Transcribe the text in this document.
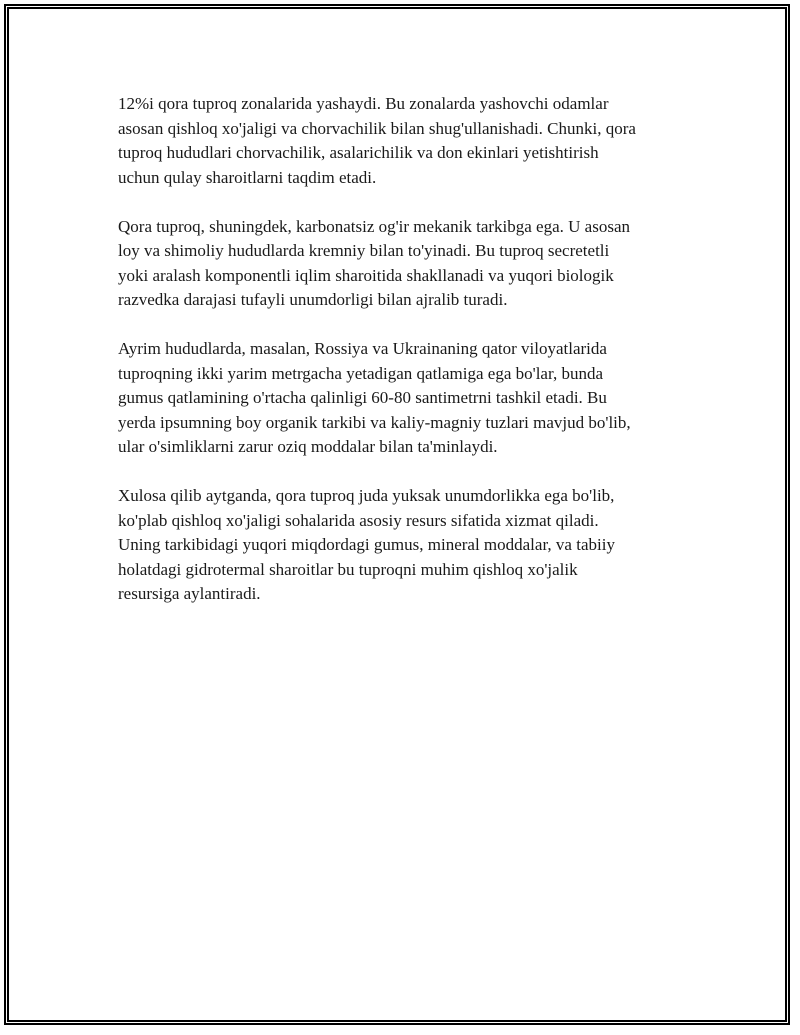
12%i qora tuproq zonalarida yashaydi. Bu zonalarda yashovchi odamlar
asosan qishloq xo'jaligi va chorvachilik bilan shug'ullanishadi. Chunki, qora
tuproq hududlari chorvachilik, asalarichilik va don ekinlari yetishtirish
uchun qulay sharoitlarni taqdim etadi.

Qora tuproq, shuningdek, karbonatsiz og'ir mekanik tarkibga ega. U asosan
loy va shimoliy hududlarda kremniy bilan to'yinadi. Bu tuproq secretetli
yoki aralash komponentli iqlim sharoitida shakllanadi va yuqori biologik
razvedka darajasi tufayli unumdorligi bilan ajralib turadi.

Ayrim hududlarda, masalan, Rossiya va Ukrainaning qator viloyatlarida
tuproqning ikki yarim metrgacha yetadigan qatlamiga ega bo'lar, bunda
gumus qatlamining o'rtacha qalinligi 60-80 santimetrni tashkil etadi. Bu
yerda ipsumning boy organik tarkibi va kaliy-magniy tuzlari mavjud bo'lib,
ular o'simliklarni zarur oziq moddalar bilan ta'minlaydi.

Xulosa qilib aytganda, qora tuproq juda yuksak unumdorlikka ega bo'lib,
ko'plab qishloq xo'jaligi sohalarida asosiy resurs sifatida xizmat qiladi.
Uning tarkibidagi yuqori miqdordagi gumus, mineral moddalar, va tabiiy
holatdagi gidrotermal sharoitlar bu tuproqni muhim qishloq xo'jalik
resursiga aylantiradi.
